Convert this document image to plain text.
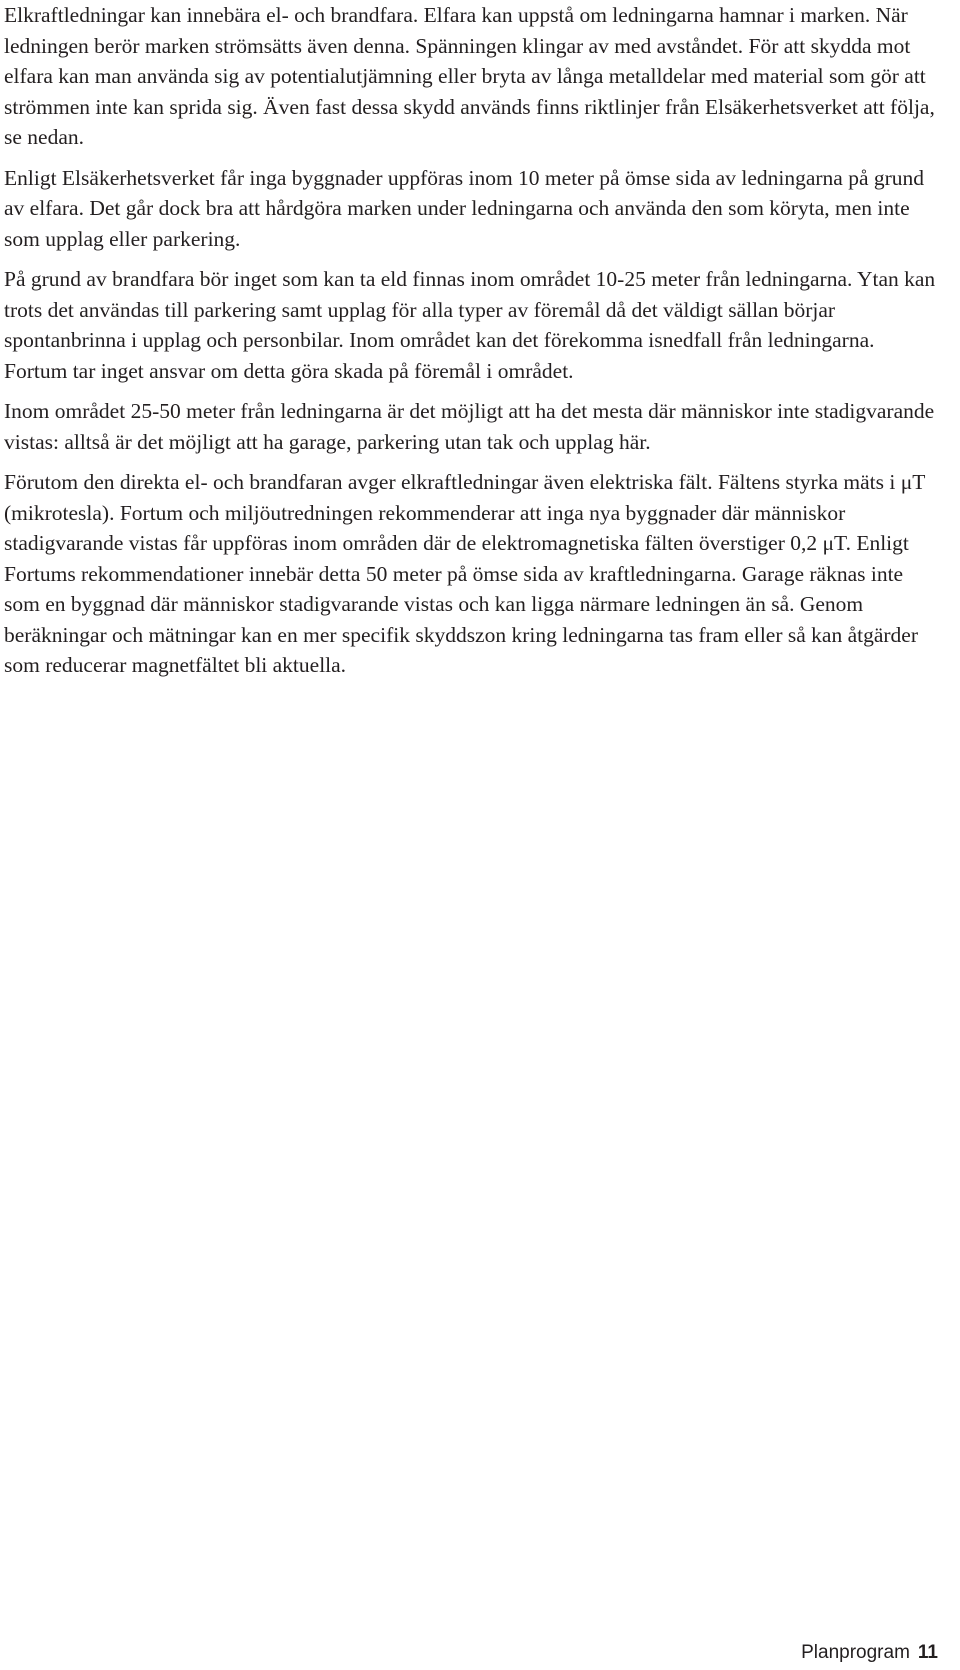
Elkraftledningar kan innebära el- och brandfara. Elfara kan uppstå om ledningarna hamnar i marken. När ledningen berör marken strömsätts även denna. Spänningen klingar av med avståndet. För att skydda mot elfara kan man använda sig av potentialutjämning eller bryta av långa metalldelar med material som gör att strömmen inte kan sprida sig. Även fast dessa skydd används finns riktlinjer från Elsäkerhetsverket att följa, se nedan.

Enligt Elsäkerhetsverket får inga byggnader uppföras inom 10 meter på ömse sida av ledningarna på grund av elfara. Det går dock bra att hårdgöra marken under ledningarna och använda den som köryta, men inte som upplag eller parkering.

På grund av brandfara bör inget som kan ta eld finnas inom området 10-25 meter från ledningarna. Ytan kan trots det användas till parkering samt upplag för alla typer av föremål då det väldigt sällan börjar spontanbrinna i upplag och personbilar. Inom området kan det förekomma isnedfall från ledningarna. Fortum tar inget ansvar om detta göra skada på föremål i området.

Inom området 25-50 meter från ledningarna är det möjligt att ha det mesta där människor inte stadigvarande vistas: alltså är det möjligt att ha garage, parkering utan tak och upplag här.

Förutom den direkta el- och brandfaran avger elkraftledningar även elektriska fält. Fältens styrka mäts i μT (mikrotesla). Fortum och miljöutredningen rekommenderar att inga nya byggnader där människor stadigvarande vistas får uppföras inom områden där de elektromagnetiska fälten överstiger 0,2 μT. Enligt Fortums rekommendationer innebär detta 50 meter på ömse sida av kraftledningarna. Garage räknas inte som en byggnad där människor stadigvarande vistas och kan ligga närmare ledningen än så. Genom beräkningar och mätningar kan en mer specifik skyddszon kring ledningarna tas fram eller så kan åtgärder som reducerar magnetfältet bli aktuella.

Planprogram 11
